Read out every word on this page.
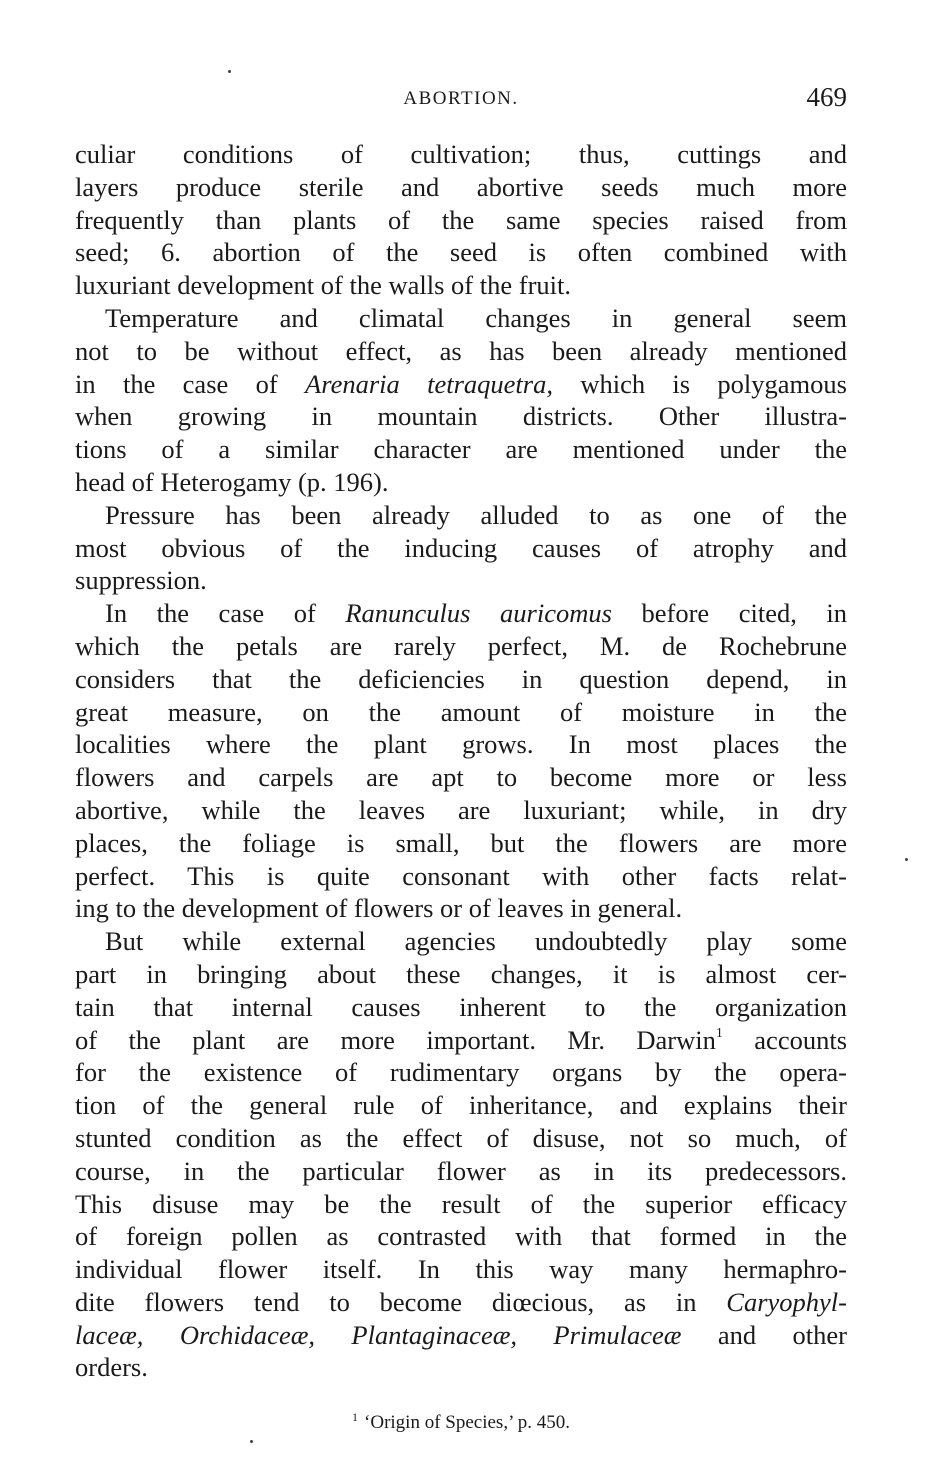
ABORTION.	469

culiar conditions of cultivation; thus, cuttings and
layers produce sterile and abortive seeds much more
frequently than plants of the same species raised from
seed; 6. abortion of the seed is often combined with
luxuriant development of the walls of the fruit.

Temperature and climatal changes in general seem
not to be without effect, as has been already mentioned
in the case of Arenaria tetraquetra, which is polygamous
when growing in mountain districts. Other illustra-
tions of a similar character are mentioned under the
head of Heterogamy (p. 196).

Pressure has been already alluded to as one of the
most obvious of the inducing causes of atrophy and
suppression.

In the case of Ranunculus auricomus before cited, in
which the petals are rarely perfect, M. de Rochebrune
considers that the deficiencies in question depend, in
great measure, on the amount of moisture in the
localities where the plant grows. In most places the
flowers and carpels are apt to become more or less
abortive, while the leaves are luxuriant; while, in dry
places, the foliage is small, but the flowers are more
perfect. This is quite consonant with other facts relat-
ing to the development of flowers or of leaves in general.

But while external agencies undoubtedly play some
part in bringing about these changes, it is almost cer-
tain that internal causes inherent to the organization
of the plant are more important. Mr. Darwin$^1$ accounts
for the existence of rudimentary organs by the opera-
tion of the general rule of inheritance, and explains their
stunted condition as the effect of disuse, not so much, of
course, in the particular flower as in its predecessors.
This disuse may be the result of the superior efficacy
of foreign pollen as contrasted with that formed in the
individual flower itself. In this way many hermaphro-
dite flowers tend to become diœcious, as in Caryophyl-
laceæ, Orchidaceæ, Plantaginaceæ, Primulaceæ and other
orders.

$^1$ ‘Origin of Species,’ p. 450.
